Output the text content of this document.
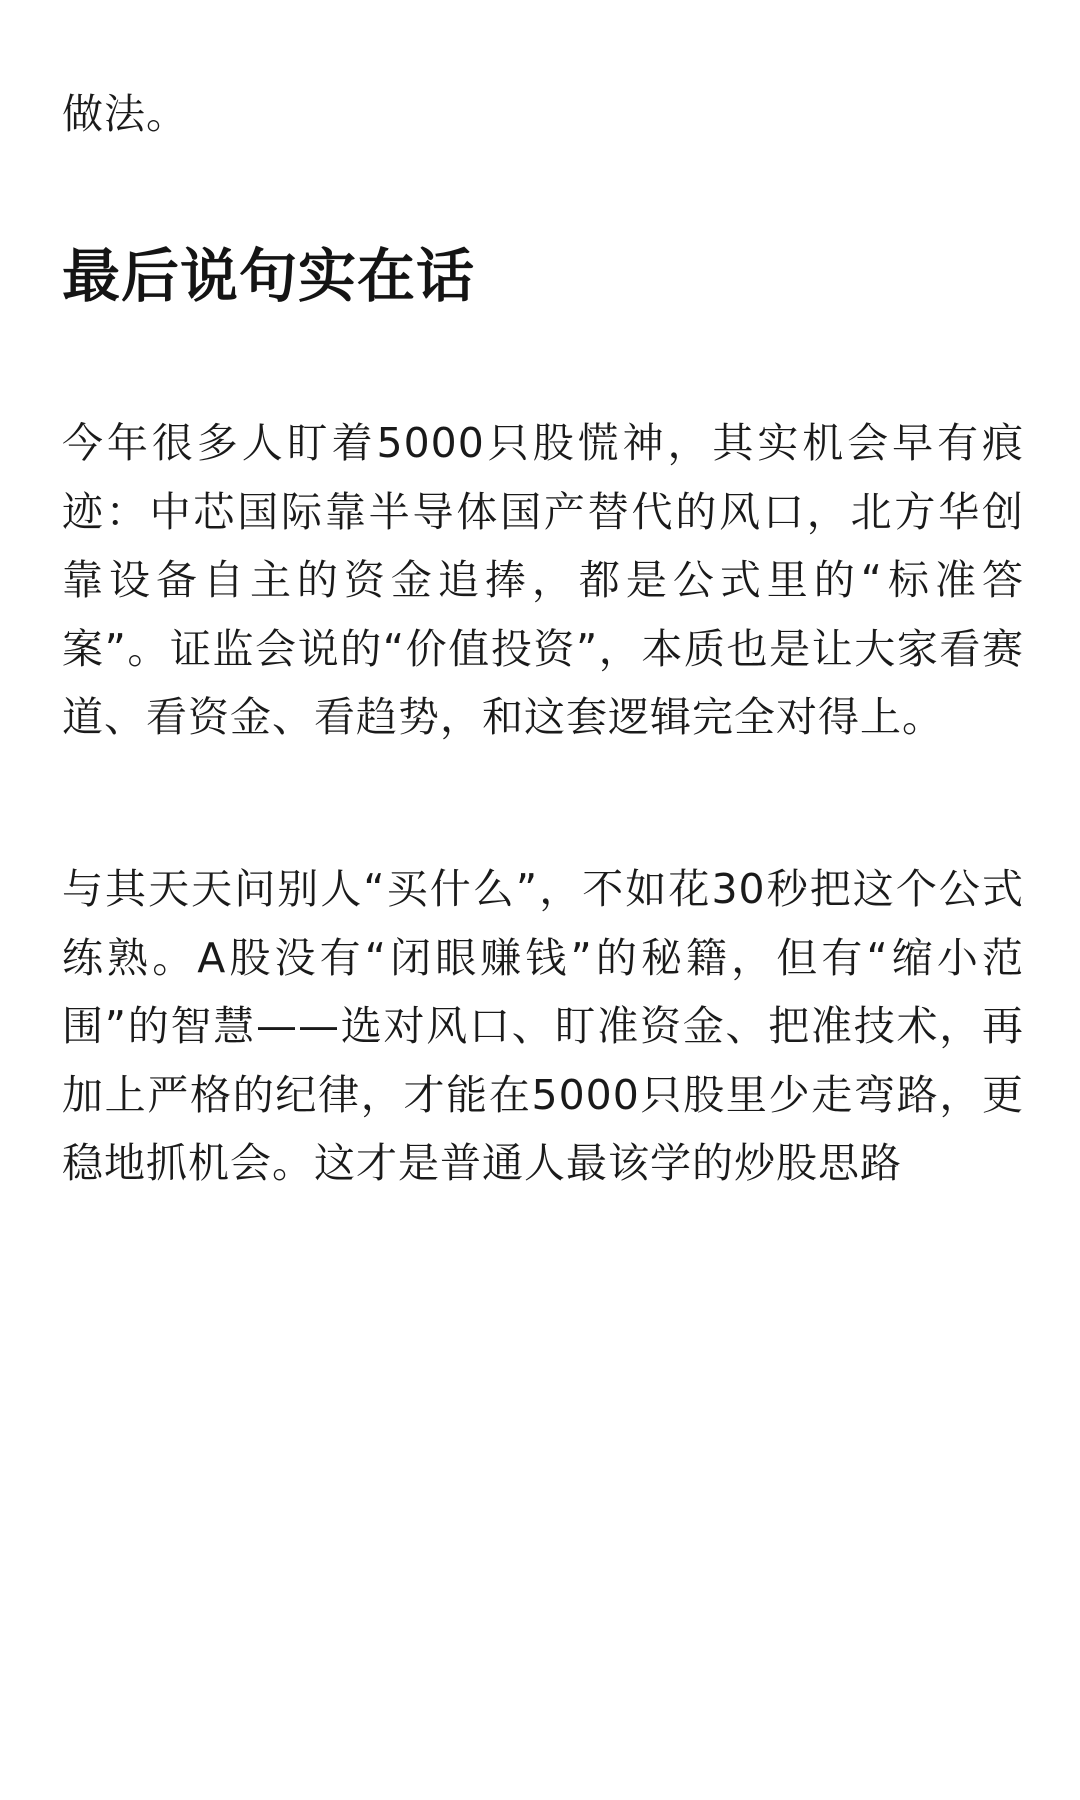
做法。

最后说句实在话

今年很多人盯着5000只股慌神，其实机会早有痕迹：中芯国际靠半导体国产替代的风口，北方华创靠设备自主的资金追捧，都是公式里的“标准答案”。证监会说的“价值投资”，本质也是让大家看赛道、看资金、看趋势，和这套逻辑完全对得上。

与其天天问别人“买什么”，不如花30秒把这个公式练熟。A股没有“闭眼赚钱”的秘籍，但有“缩小范围”的智慧——选对风口、盯准资金、把准技术，再加上严格的纪律，才能在5000只股里少走弯路，更稳地抓机会。这才是普通人最该学的炒股思路
